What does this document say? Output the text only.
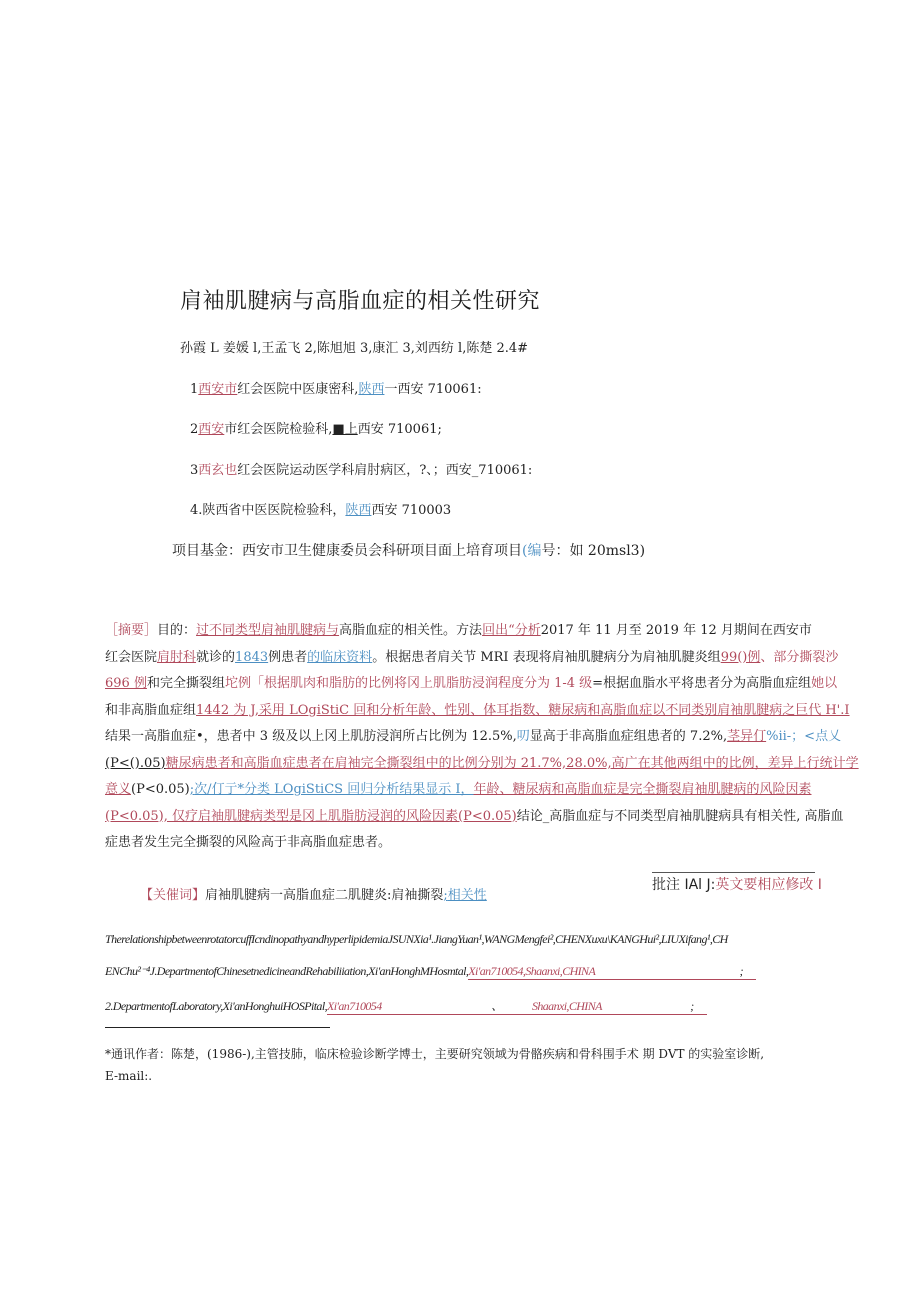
肩袖肌腱病与高脂血症的相关性研究
孙霞 L 姜媛 l,王孟飞 2,陈旭旭 3,康汇 3,刘西纺 l,陈楚 2.4#
1西安市红会医院中医康密科,陕西一西安 710061:
2西安市红会医院检验科,■上西安 710061;
3西玄也红会医院运动医学科肩肘病区，?、；西安_710061:
4.陕西省中医医院检验科，陕西西安 710003
项目基金：西安市卫生健康委员会科研项目面上培育项目(编号：如 20msl3)
［摘要］目的：过不同类型肩袖肌腱病与高脂血症的相关性。方法回出“分析2017 年 11 月至 2019 年 12 月期间在西安市
红会医院肩肘科就诊的1843例患者的临床资料。根据患者肩关节 MRI 表现将肩袖肌腱病分为肩袖肌腱炎组99()例、部分撕裂沙
696 例和完全撕裂组坨例「根据肌肉和脂肪的比例将冈上肌脂肪浸润程度分为 1-4 级=根据血脂水平将患者分为高脂血症组她以
和非高脂血症组1442 为 J,采用 LOgiStiC 回和分析年龄、性别、体耳指数、糖尿病和高脂血症以不同类别肩袖肌腱病之巨代 H'.I
结果一高脂血症•，患者中 3 级及以上冈上肌肪浸润所占比例为 12.5%,叨显高于非高脂血症组患者的 7.2%,茎异仃%ii-；<点乂
(P<().05)糖尿病患者和高脂血症患者在肩袖完全撕裂组中的比例分别为 21.7%,28.0%,高广在其他两组中的比例，差异上行统计学
意义(P<0.05);次/仃亍*分类 LOgiStiCS 回归分析结果显示 I，年龄、糖尿病和高脂血症是完全撕裂肩袖肌腱病的风险因素
(P<0.05), 仅疗启袖肌腱病类型是冈上肌脂肪浸润的风险因素(P<0.05)结论_高脂血症与不同类型肩袖肌腱病具有相关性, 高脂血
症患者发生完全撕裂的风险高于非高脂血症患者。
批注 IAl J:英文要相应修改 I
【关催词】肩袖肌腱病一高脂血症二肌腱炎:肩袖撕裂;相关性
TherelationshipbetweenrotatorcuffIcndinopathyandhyperlipidemiaJSUNXia¹.JiangYuan¹,WANGMengfei²,CHENXuxu\KANGHui²,LIUXifang¹,CH
ENChu²⁻⁴J.DepartmentofChinesetnedicineandRehabiliiation,Xi'anHonghMHosmtal,Xi'an710054,Shaanxi,CHINA	;
2.DepartmentofLaboratory,Xi'anHonghuiHOSPital,Xi'an710054	、 Shaanxi,CHINA	;
*通讯作者：陈楚，(1986-),主管技肺，临床检验诊断学博士，主要研究领域为骨骼疾病和骨科围手术 期 DVT 的实验室诊断,
E-mail:.
